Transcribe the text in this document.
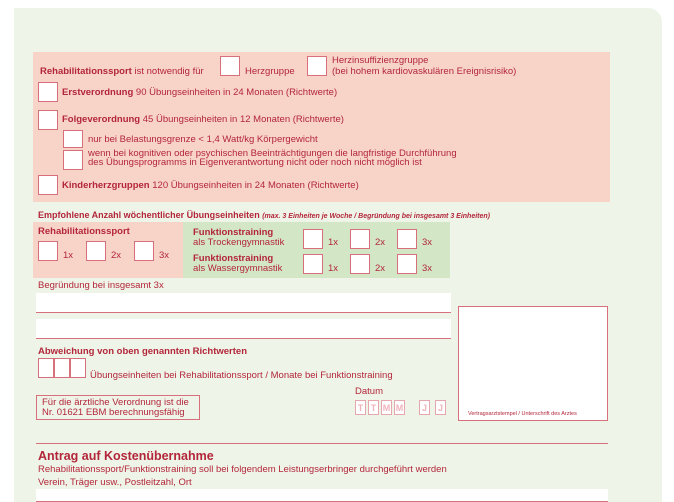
Rehabilitationssport ist notwendig für	Herzgruppe
Herzinsuffizienzgruppe
(bei hohem kardiovaskulären Ereignisrisiko)
Erstverordnung 90 Übungseinheiten in 24 Monaten (Richtwerte)
Folgeverordnung 45 Übungseinheiten in 12 Monaten (Richtwerte)
nur bei Belastungsgrenze < 1,4 Watt/kg Körpergewicht
wenn bei kognitiven oder psychischen Beeinträchtigungen die langfristige Durchführung
des Übungsprogramms in Eigenverantwortung nicht oder noch nicht möglich ist
Kinderherzgruppen 120 Übungseinheiten in 24 Monaten (Richtwerte)
Empfohlene Anzahl wöchentlicher Übungseinheiten (max. 3 Einheiten je Woche / Begründung bei insgesamt 3 Einheiten)
Rehabilitationssport
1x	2x	3x
Funktionstraining
als Trockengymnastik	1x	2x	3x
Funktionstraining
als Wassergymnastik	1x	2x	3x
Begründung bei insgesamt 3x
Vertragsarztstempel / Unterschrift des Arztes
Abweichung von oben genannten Richtwerten
Übungseinheiten bei Rehabilitationssport / Monate bei Funktionstraining
Für die ärztliche Verordnung ist die
Nr. 01621 EBM berechnungsfähig
Datum
T T M M	J	J
Antrag auf Kostenübernahme
Rehabilitationssport/Funktionstraining soll bei folgendem Leistungserbringer durchgeführt werden
Verein, Träger usw., Postleitzahl, Ort
